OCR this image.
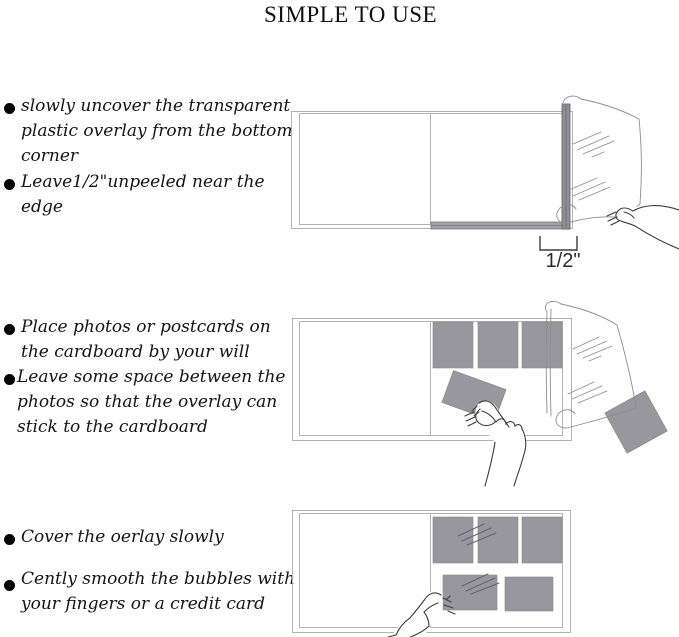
SIMPLE TO USE
slowly uncover the transparent
plastic overlay from the bottom
corner
Leave1/2"unpeeled near the
edge
Place photos or postcards on
the cardboard by your will
Leave some space between the
photos so that the overlay can
stick to the cardboard
Cover the oerlay slowly
Cently smooth the bubbles with
your fingers or a credit card
1/2"
